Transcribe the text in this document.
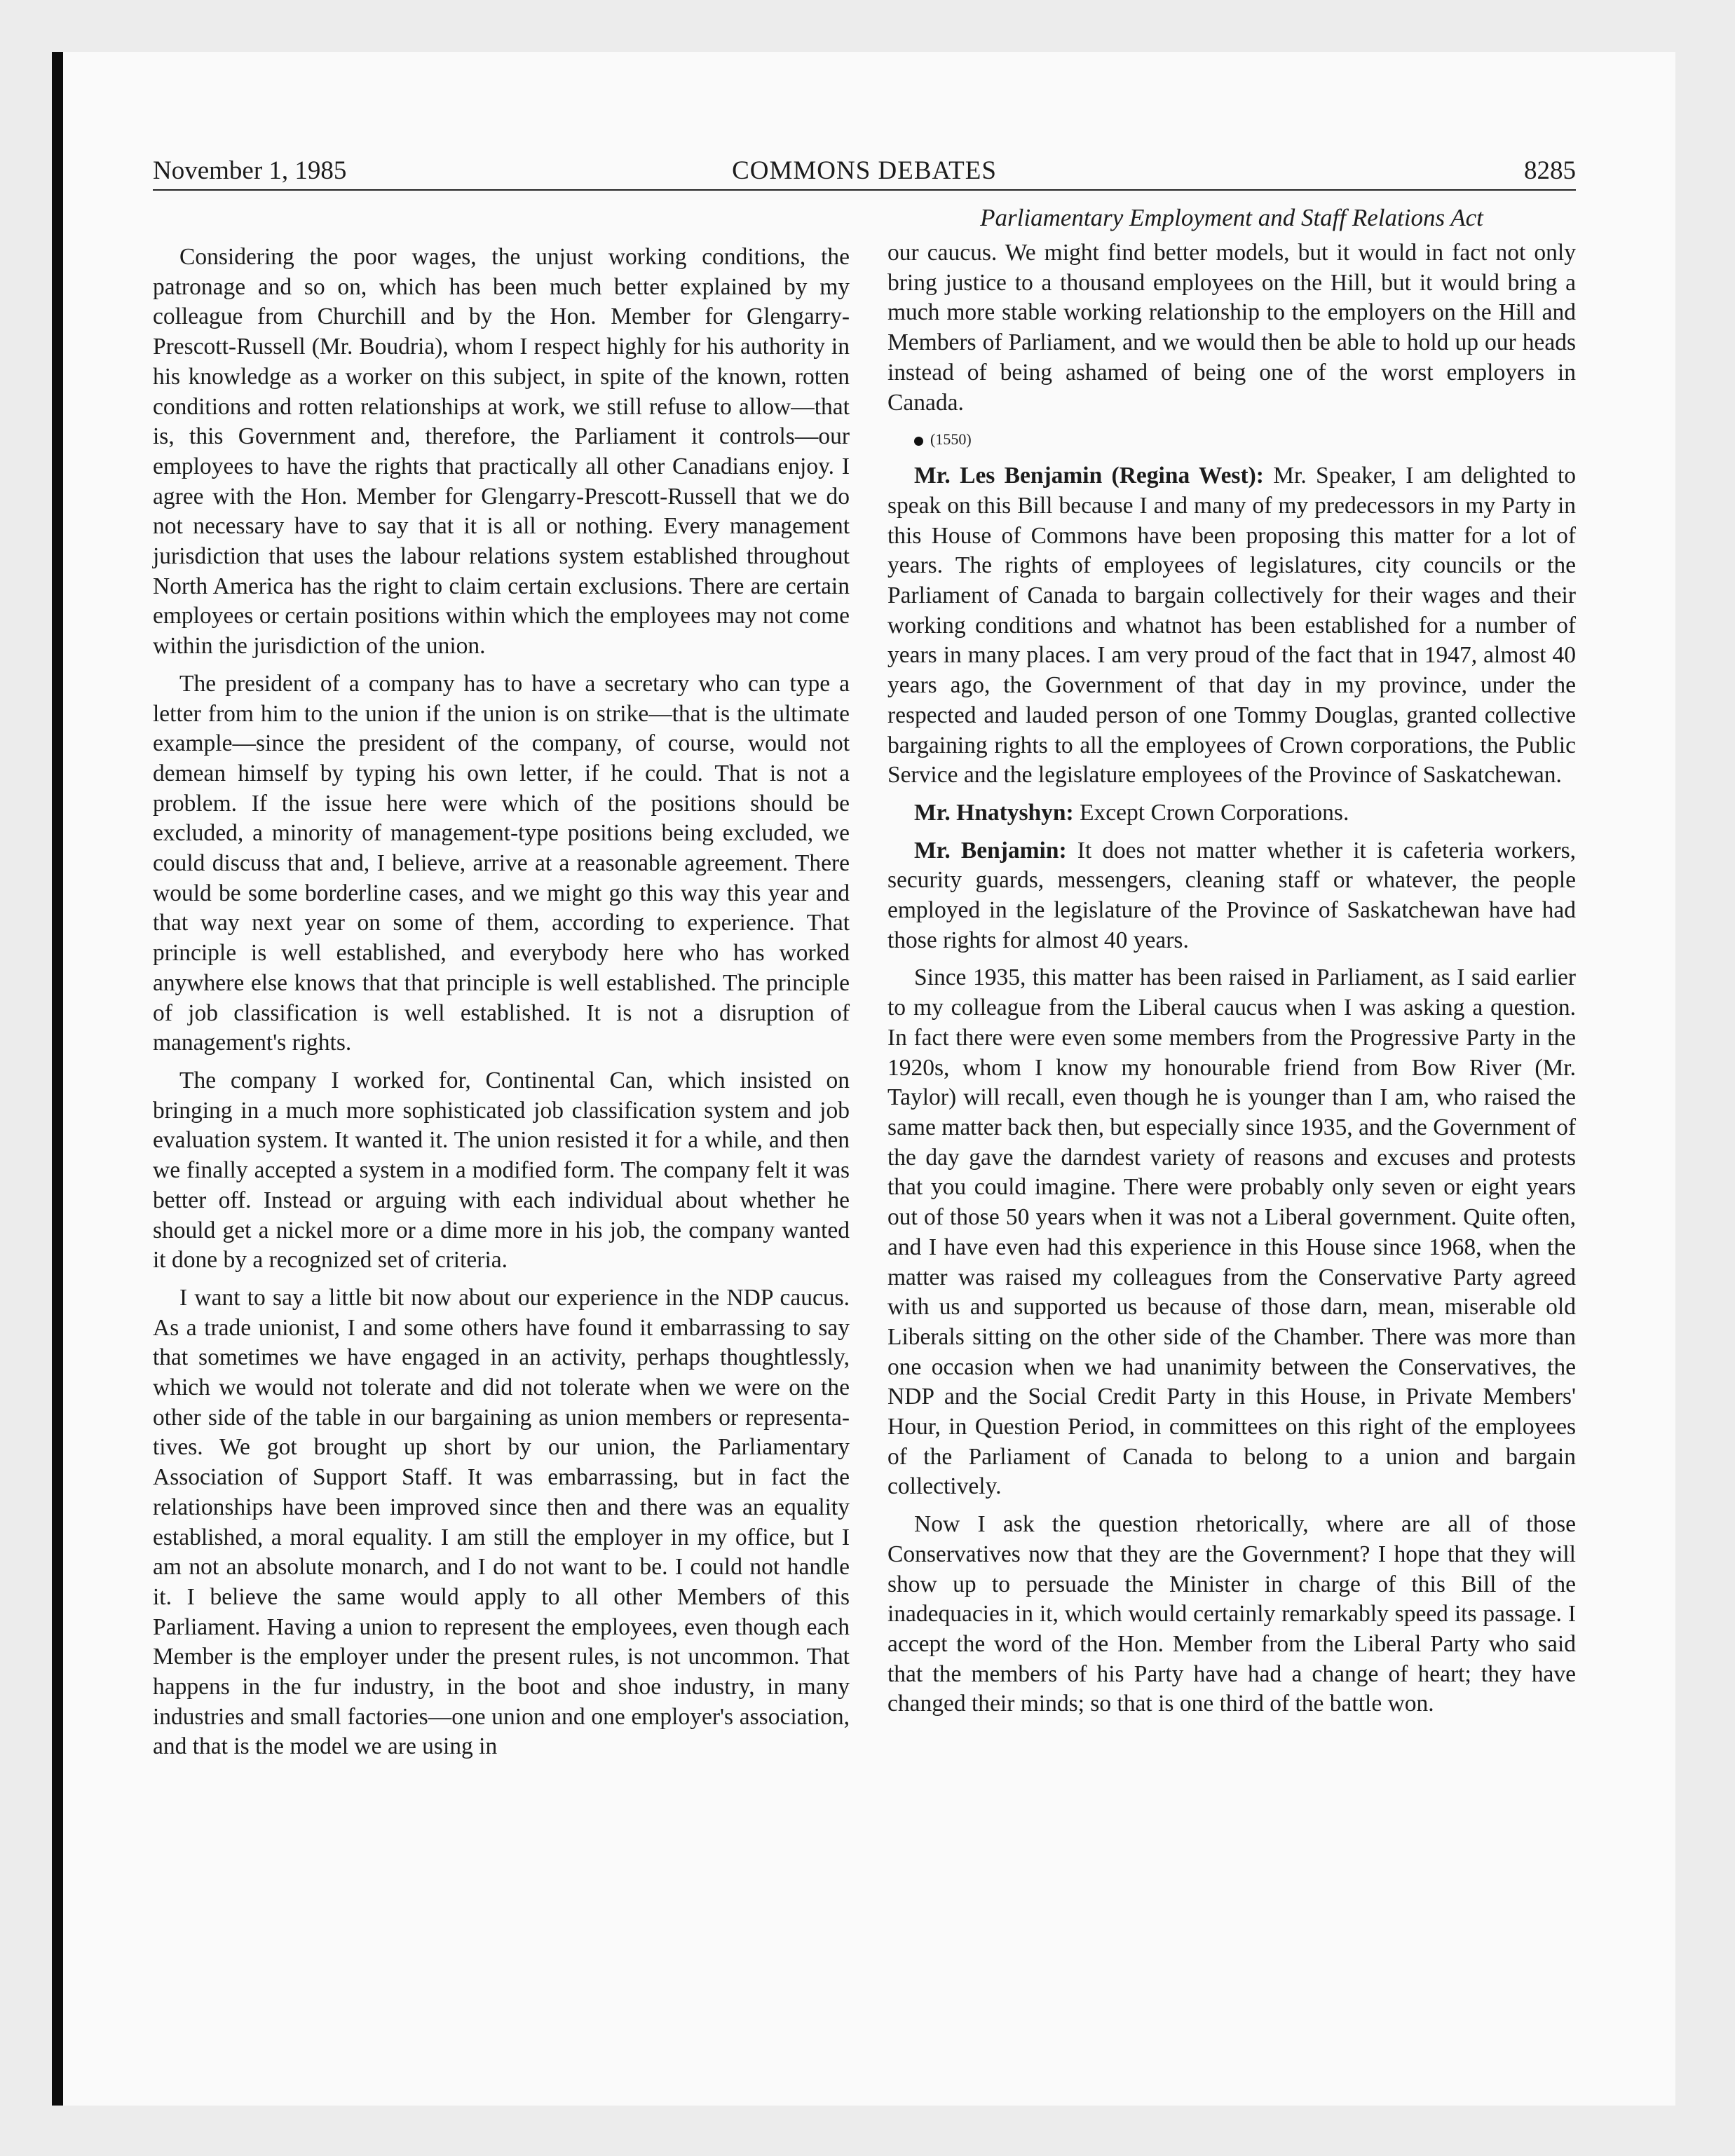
November 1, 1985	COMMONS DEBATES	8285

Considering the poor wages, the unjust working conditions, the patronage and so on, which has been much better explained by my colleague from Churchill and by the Hon. Member for Glengarry-Prescott-Russell (Mr. Boudria), whom I respect highly for his authority in his knowledge as a worker on this subject, in spite of the known, rotten conditions and rotten relationships at work, we still refuse to allow—that is, this Government and, therefore, the Parliament it controls—our employees to have the rights that practically all other Canadians enjoy. I agree with the Hon. Member for Glengarry-Prescott-Russell that we do not necessary have to say that it is all or nothing. Every management jurisdiction that uses the labour relations system established throughout North America has the right to claim certain exclusions. There are certain employees or certain positions within which the employees may not come within the jurisdiction of the union.

The president of a company has to have a secretary who can type a letter from him to the union if the union is on strike—that is the ultimate example—since the president of the company, of course, would not demean himself by typing his own letter, if he could. That is not a problem. If the issue here were which of the positions should be excluded, a minority of management-type positions being excluded, we could discuss that and, I believe, arrive at a reasonable agreement. There would be some borderline cases, and we might go this way this year and that way next year on some of them, according to experience. That principle is well established, and everybody here who has worked anywhere else knows that that principle is well established. The principle of job classification is well established. It is not a disruption of management's rights.

The company I worked for, Continental Can, which insisted on bringing in a much more sophisticated job classification system and job evaluation system. It wanted it. The union resisted it for a while, and then we finally accepted a system in a modified form. The company felt it was better off. Instead or arguing with each individual about whether he should get a nickel more or a dime more in his job, the company wanted it done by a recognized set of criteria.

I want to say a little bit now about our experience in the NDP caucus. As a trade unionist, I and some others have found it embarrassing to say that sometimes we have engaged in an activity, perhaps thoughtlessly, which we would not tolerate and did not tolerate when we were on the other side of the table in our bargaining as union members or representatives. We got brought up short by our union, the Parliamentary Association of Support Staff. It was embarrassing, but in fact the relationships have been improved since then and there was an equality established, a moral equality. I am still the employer in my office, but I am not an absolute monarch, and I do not want to be. I could not handle it. I believe the same would apply to all other Members of this Parliament. Having a union to represent the employees, even though each Member is the employer under the present rules, is not uncommon. That happens in the fur industry, in the boot and shoe industry, in many industries and small factories—one union and one employer's association, and that is the model we are using in

Parliamentary Employment and Staff Relations Act

our caucus. We might find better models, but it would in fact not only bring justice to a thousand employees on the Hill, but it would bring a much more stable working relationship to the employers on the Hill and Members of Parliament, and we would then be able to hold up our heads instead of being ashamed of being one of the worst employers in Canada.

(1550)

Mr. Les Benjamin (Regina West): Mr. Speaker, I am delighted to speak on this Bill because I and many of my predecessors in my Party in this House of Commons have been proposing this matter for a lot of years. The rights of employees of legislatures, city councils or the Parliament of Canada to bargain collectively for their wages and their working conditions and whatnot has been established for a number of years in many places. I am very proud of the fact that in 1947, almost 40 years ago, the Government of that day in my province, under the respected and lauded person of one Tommy Douglas, granted collective bargaining rights to all the employees of Crown corporations, the Public Service and the legislature employees of the Province of Saskatchewan.

Mr. Hnatyshyn: Except Crown Corporations.

Mr. Benjamin: It does not matter whether it is cafeteria workers, security guards, messengers, cleaning staff or whatever, the people employed in the legislature of the Province of Saskatchewan have had those rights for almost 40 years.

Since 1935, this matter has been raised in Parliament, as I said earlier to my colleague from the Liberal caucus when I was asking a question. In fact there were even some members from the Progressive Party in the 1920s, whom I know my honourable friend from Bow River (Mr. Taylor) will recall, even though he is younger than I am, who raised the same matter back then, but especially since 1935, and the Government of the day gave the darndest variety of reasons and excuses and protests that you could imagine. There were probably only seven or eight years out of those 50 years when it was not a Liberal government. Quite often, and I have even had this experience in this House since 1968, when the matter was raised my colleagues from the Conservative Party agreed with us and supported us because of those darn, mean, miserable old Liberals sitting on the other side of the Chamber. There was more than one occasion when we had unanimity between the Conservatives, the NDP and the Social Credit Party in this House, in Private Members' Hour, in Question Period, in committees on this right of the employees of the Parliament of Canada to belong to a union and bargain collectively.

Now I ask the question rhetorically, where are all of those Conservatives now that they are the Government? I hope that they will show up to persuade the Minister in charge of this Bill of the inadequacies in it, which would certainly remarkably speed its passage. I accept the word of the Hon. Member from the Liberal Party who said that the members of his Party have had a change of heart; they have changed their minds; so that is one third of the battle won.
